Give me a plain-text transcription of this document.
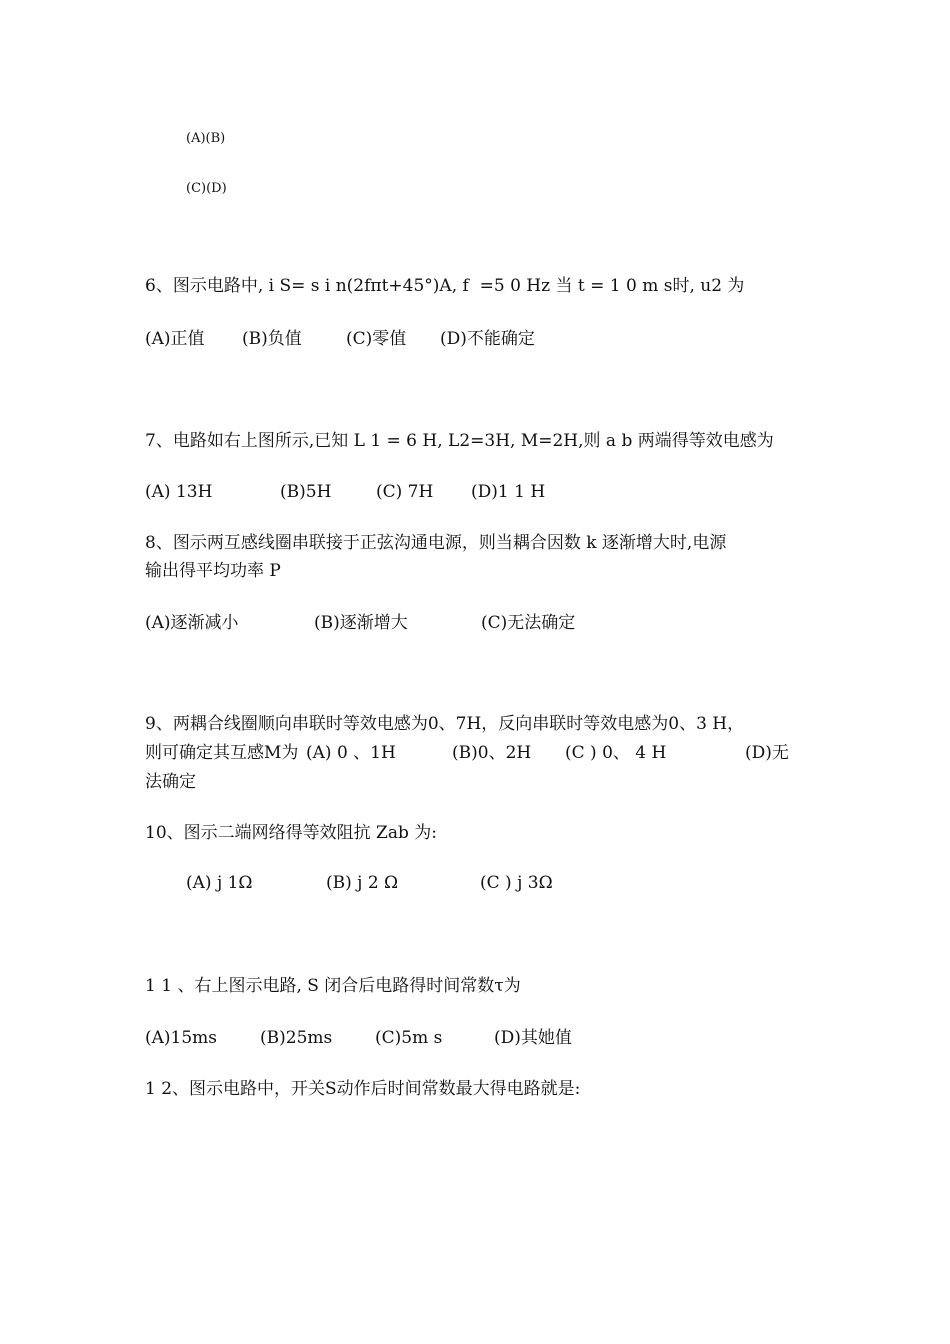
(A)(B)
(C)(D)
6、图示电路中, i S= s i n(2fπt+45°)A, f  =5 0 Hz 当 t = 1 0 m s时, u2 为
(A)正值 (B)负值	(C)零值 (D)不能确定
7、电路如右上图所示,已知 L 1 = 6 H, L2=3H, M=2H,则 a b 两端得等效电感为
(A) 13H	(B)5H	(C) 7H (D)1 1 H
8、图示两互感线圈串联接于正弦沟通电源，则当耦合因数 k 逐渐增大时,电源
输出得平均功率 P
(A)逐渐减小	(B)逐渐增大	(C)无法确定
9、两耦合线圈顺向串联时等效电感为0、7H，反向串联时等效电感为0、3 H，
则可确定其互感M为 (A) 0 、1H	(B)0、2H (C ) 0、 4 H	(D)无
法确定
10、图示二端网络得等效阻抗 Zab 为:
(A) j 1Ω	(B) j 2 Ω	(C ) j 3Ω
1 1 、右上图示电路, S 闭合后电路得时间常数τ为
(A)15ms	(B)25ms	(C)5m s	(D)其她值
1 2、图示电路中，开关S动作后时间常数最大得电路就是:
